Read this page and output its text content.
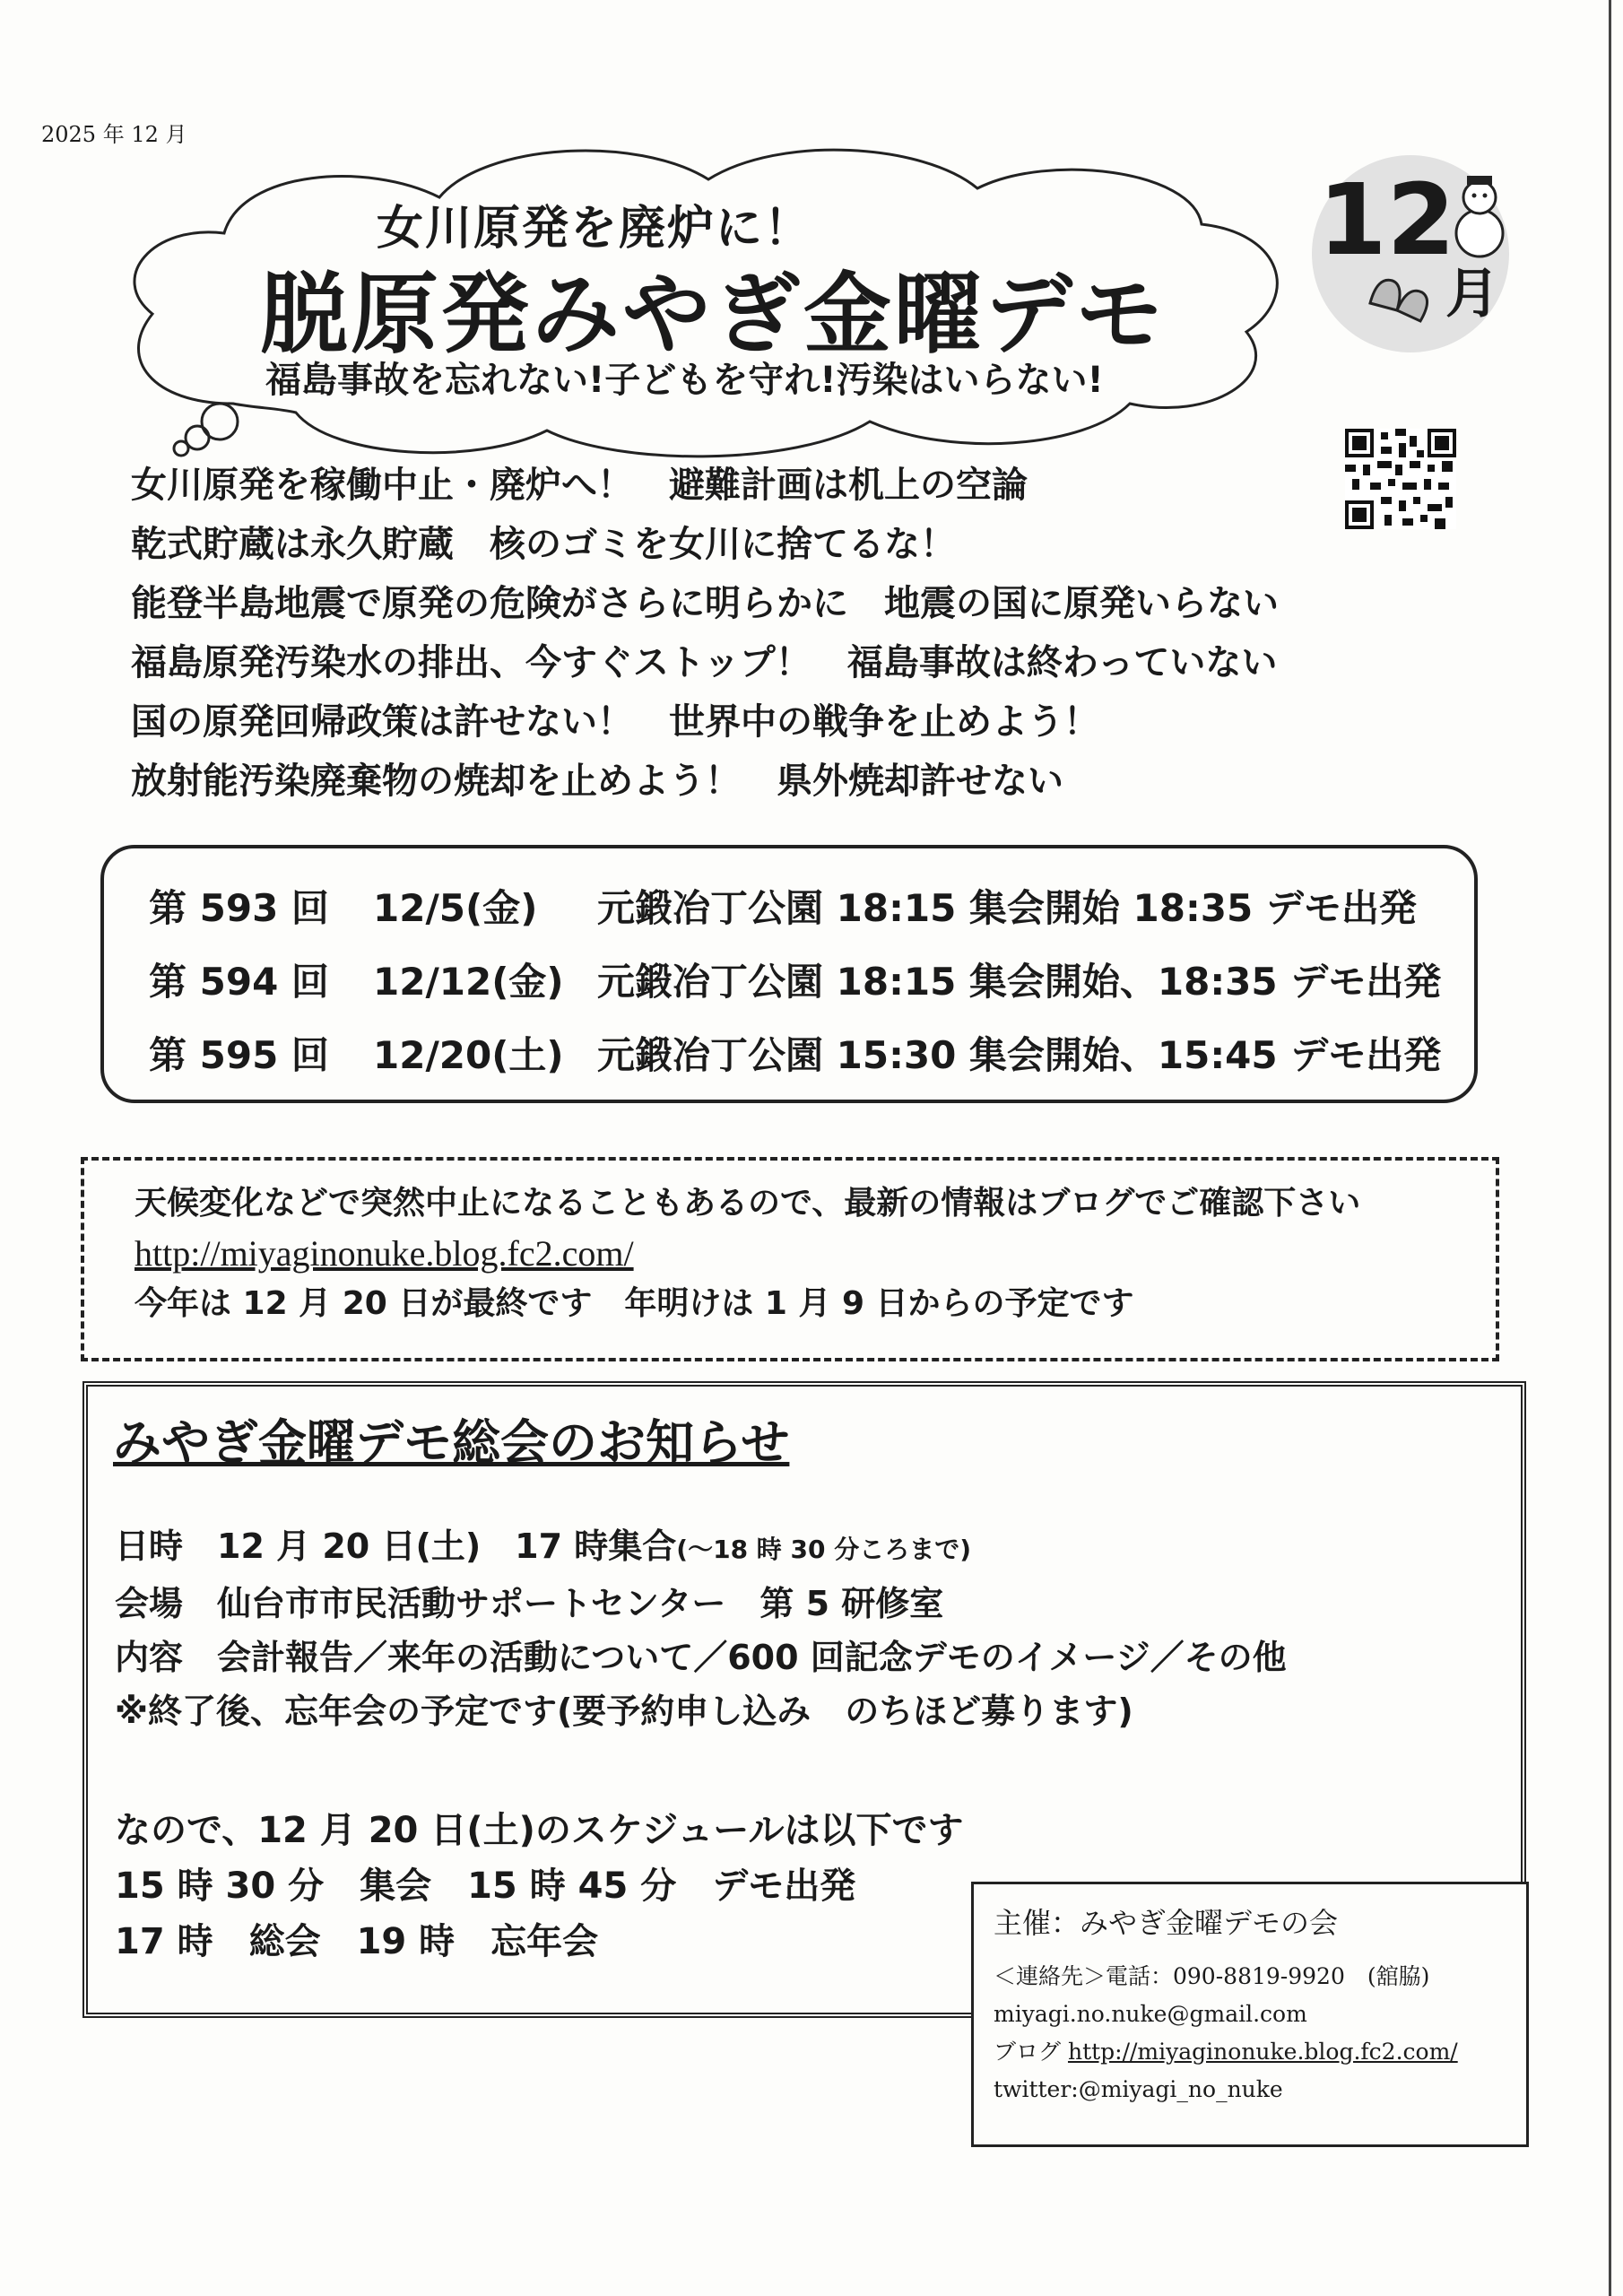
2025 年 12 月
女川原発を廃炉に！
脱原発みやぎ金曜デモ
福島事故を忘れない!子どもを守れ!汚染はいらない!
12
月
女川原発を稼働中止・廃炉へ！　避難計画は机上の空論
乾式貯蔵は永久貯蔵　核のゴミを女川に捨てるな！
能登半島地震で原発の危険がさらに明らかに　地震の国に原発いらない
福島原発汚染水の排出、今すぐストップ！　福島事故は終わっていない
国の原発回帰政策は許せない！　世界中の戦争を止めよう！
放射能汚染廃棄物の焼却を止めよう！　県外焼却許せない
第 593 回 12/5(金) 元鍛冶丁公園 18:15 集会開始 18:35 デモ出発
第 594 回 12/12(金) 元鍛冶丁公園 18:15 集会開始、18:35 デモ出発
第 595 回 12/20(土) 元鍛冶丁公園 15:30 集会開始、15:45 デモ出発
天候変化などで突然中止になることもあるので、最新の情報はブログでご確認下さい
http://miyaginonuke.blog.fc2.com/
今年は 12 月 20 日が最終です　年明けは 1 月 9 日からの予定です
みやぎ金曜デモ総会のお知らせ
日時　12 月 20 日(土)　17 時集合(～18 時 30 分ころまで)
会場　仙台市市民活動サポートセンター　第 5 研修室
内容　会計報告／来年の活動について／600 回記念デモのイメージ／その他
※終了後、忘年会の予定です(要予約申し込み　のちほど募ります)
なので、12 月 20 日(土)のスケジュールは以下です
15 時 30 分　集会　15 時 45 分　デモ出発
17 時　総会　19 時　忘年会	主催：みやぎ金曜デモの会
＜連絡先＞電話：090-8819-9920　(舘脇)
miyagi.no.nuke@gmail.com
ブログ http://miyaginonuke.blog.fc2.com/
twitter:@miyagi_no_nuke
